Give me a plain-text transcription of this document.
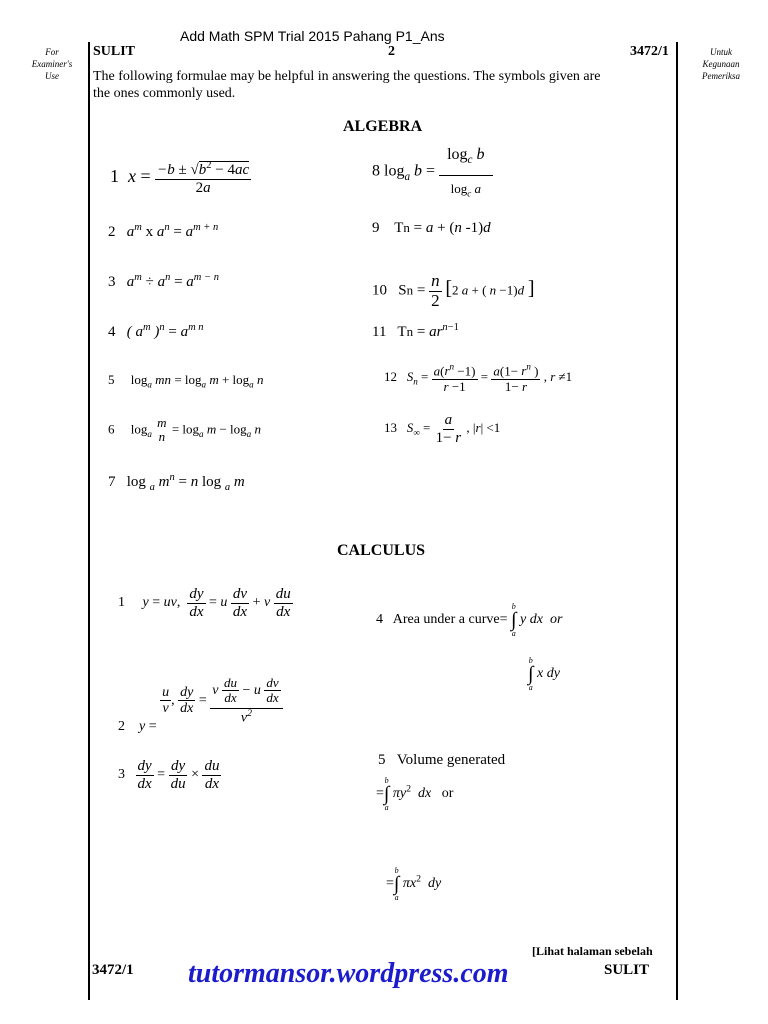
Add Math SPM Trial 2015 Pahang P1_Ans
For
Examiner's
Use
Untuk
Kegunaan
Pemeriksa
SULIT	2	3472/1
The following formulae may be helpful in answering the questions. The symbols given are
the ones commonly used.
ALGEBRA
1 $x = \frac{-b \pm √b^2 - 4ac}{2a}$
2 $a^m$ x $a^n = a^{m + n}$
3 $a^m \div a^n = a^{m - n}$
4 ( $a^m$ )$^n = a^{m n}$
5     $\log_a$ mn = $\log_a m + \log_a n$
6     $\log_a$
m
n
= $\log_a m - \log_a n$
7   log $_a$ $m^n = n$ log $_a$ m
8 $\log_a b = \frac{\log_c b}{\log_c a}$
9    Tn = a + (n -1)d
10   $Sn = \frac{n}{2} [2$ a + ( n −1)d ]
11   $Tn = ar^{n-1}$
12 $S_n = \frac{a(r^n -1)}{r -1} = \frac{a(1- r^n )}{1- r}$ , r ≠1
13 $S_\infty = \frac{a}{1- r}$ , |r| <1
CALCULUS
1 y = uv, $\frac{dy}{dx} = u \frac{dv}{dx} + v \frac{du}{dx}$
2 y =
$\frac{u}{v}$ , $\frac{dy}{dx} = \frac{v \frac{du}{dx} - u \frac{dv}{dx}}{v^2}$
$3 \frac{dy}{dx} = \frac{dy}{du} \times \frac{du}{dx}$
4 Area under a curve=
b
∫
a
y dx or
b
∫
a
x dy
5 Volume generated
=
b
∫
a
$\pi y^2$ dx or
=
b
∫
a
$\pi x^2$ dy
[Lihat halaman sebelah
3472/1 tutormansor.wordpress.com	SULIT
